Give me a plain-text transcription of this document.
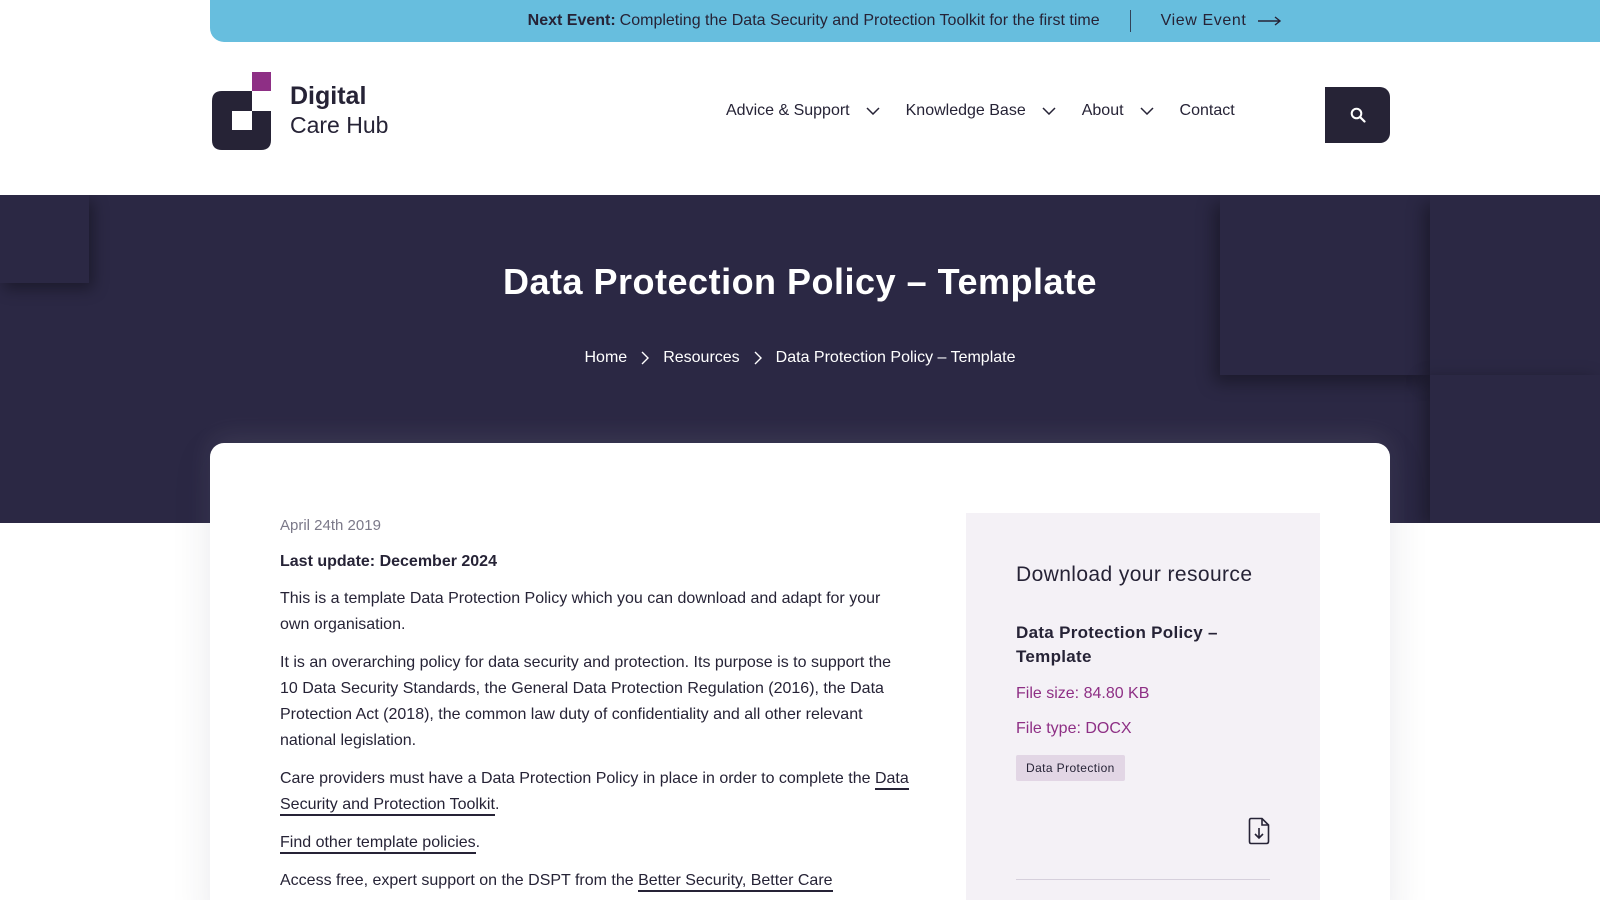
Next Event: Completing the Data Security and Protection Toolkit for the first time	View Event
Digital
Care Hub
Advice & Support	Knowledge Base	About	Contact
Data Protection Policy – Template
Home Resources Data Protection Policy – Template
April 24th 2019
Last update: December 2024

This is a template Data Protection Policy which you can download and adapt for your own organisation.

It is an overarching policy for data security and protection. Its purpose is to support the 10 Data Security Standards, the General Data Protection Regulation (2016), the Data Protection Act (2018), the common law duty of confidentiality and all other relevant national legislation.

Care providers must have a Data Protection Policy in place in order to complete the Data Security and Protection Toolkit.

Find other template policies.

Access free, expert support on the DSPT from the Better Security, Better Care

Download your resource
Data Protection Policy – Template
File size: 84.80 KB
File type: DOCX
Data Protection
